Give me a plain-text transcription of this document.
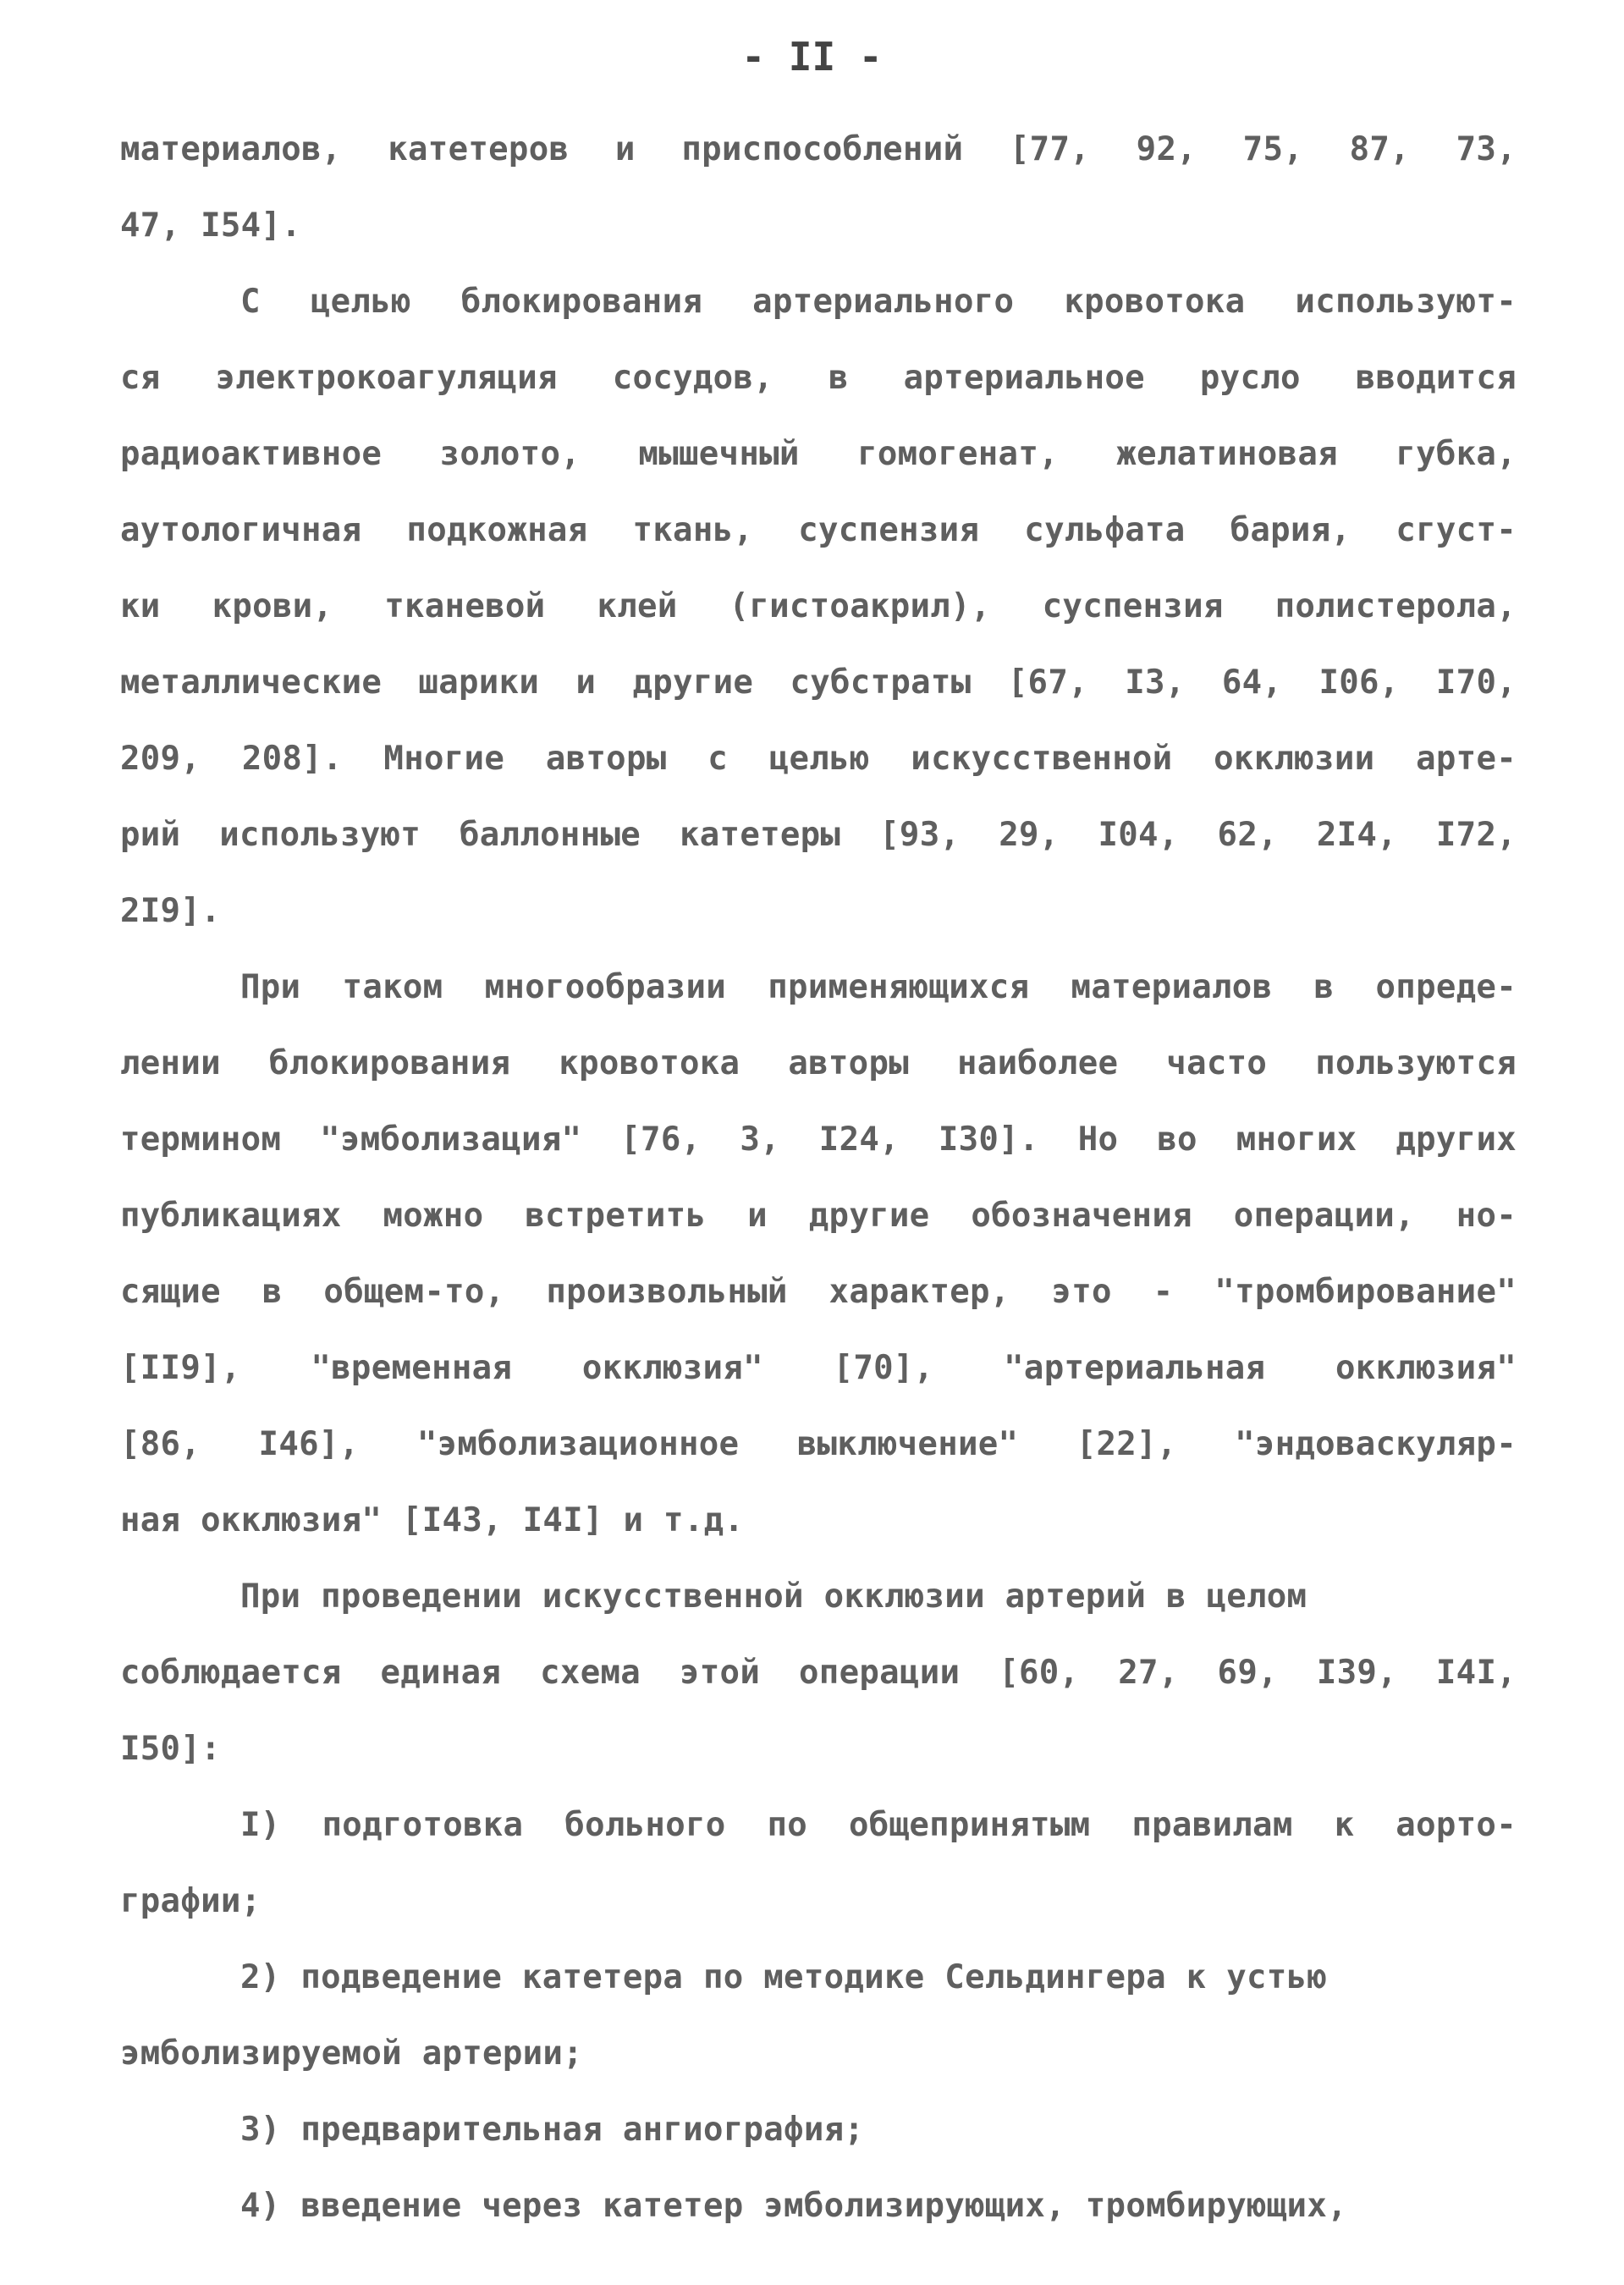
- II -
материалов, катетеров и приспособлений [77, 92, 75, 87, 73,
47, I54].
С целью блокирования артериального кровотока используют-
ся электрокоагуляция сосудов, в артериальное русло вводится
радиоактивное золото, мышечный гомогенат, желатиновая губка,
аутологичная подкожная ткань, суспензия сульфата бария, сгуст-
ки крови, тканевой клей (гистоакрил), суспензия полистерола,
металлические шарики и другие субстраты [67, I3, 64, I06, I70,
209, 208]. Многие авторы с целью искусственной окклюзии арте-
рий используют баллонные катетеры [93, 29, I04, 62, 2I4, I72,
2I9].
При таком многообразии применяющихся материалов в опреде-
лении блокирования кровотока авторы наиболее часто пользуются
термином "эмболизация" [76, 3, I24, I30]. Но во многих других
публикациях можно встретить и другие обозначения операции, но-
сящие в общем-то, произвольный характер, это - "тромбирование"
[II9], "временная окклюзия" [70], "артериальная окклюзия"
[86, I46], "эмболизационное выключение" [22], "эндоваскуляр-
ная окклюзия" [I43, I4I] и т.д.
При проведении искусственной окклюзии артерий в целом
соблюдается единая схема этой операции [60, 27, 69, I39, I4I,
I50]:
I) подготовка больного по общепринятым правилам к аорто-
графии;
2) подведение катетера по методике Сельдингера к устью
эмболизируемой артерии;
3) предварительная ангиография;
4) введение через катетер эмболизирующих, тромбирующих,
